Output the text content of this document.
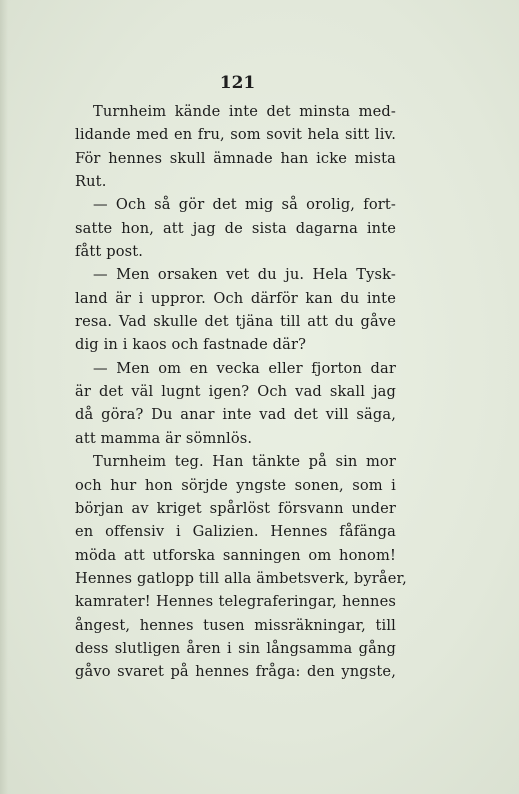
121
Turnheim kände inte det minsta med-
lidande med en fru, som sovit hela sitt liv.
För hennes skull ämnade han icke mista
Rut.
— Och så gör det mig så orolig, fort-
satte hon, att jag de sista dagarna inte
fått post.
— Men orsaken vet du ju. Hela Tysk-
land är i uppror. Och därför kan du inte
resa. Vad skulle det tjäna till att du gåve
dig in i kaos och fastnade där?
— Men om en vecka eller fjorton dar
är det väl lugnt igen? Och vad skall jag
då göra? Du anar inte vad det vill säga,
att mamma är sömnlös.
Turnheim teg. Han tänkte på sin mor
och hur hon sörjde yngste sonen, som i
början av kriget spårlöst försvann under
en offensiv i Galizien. Hennes fåfänga
möda att utforska sanningen om honom!
Hennes gatlopp till alla ämbetsverk, byråer,
kamrater! Hennes telegraferingar, hennes
ångest, hennes tusen missräkningar, till
dess slutligen åren i sin långsamma gång
gåvo svaret på hennes fråga: den yngste,
